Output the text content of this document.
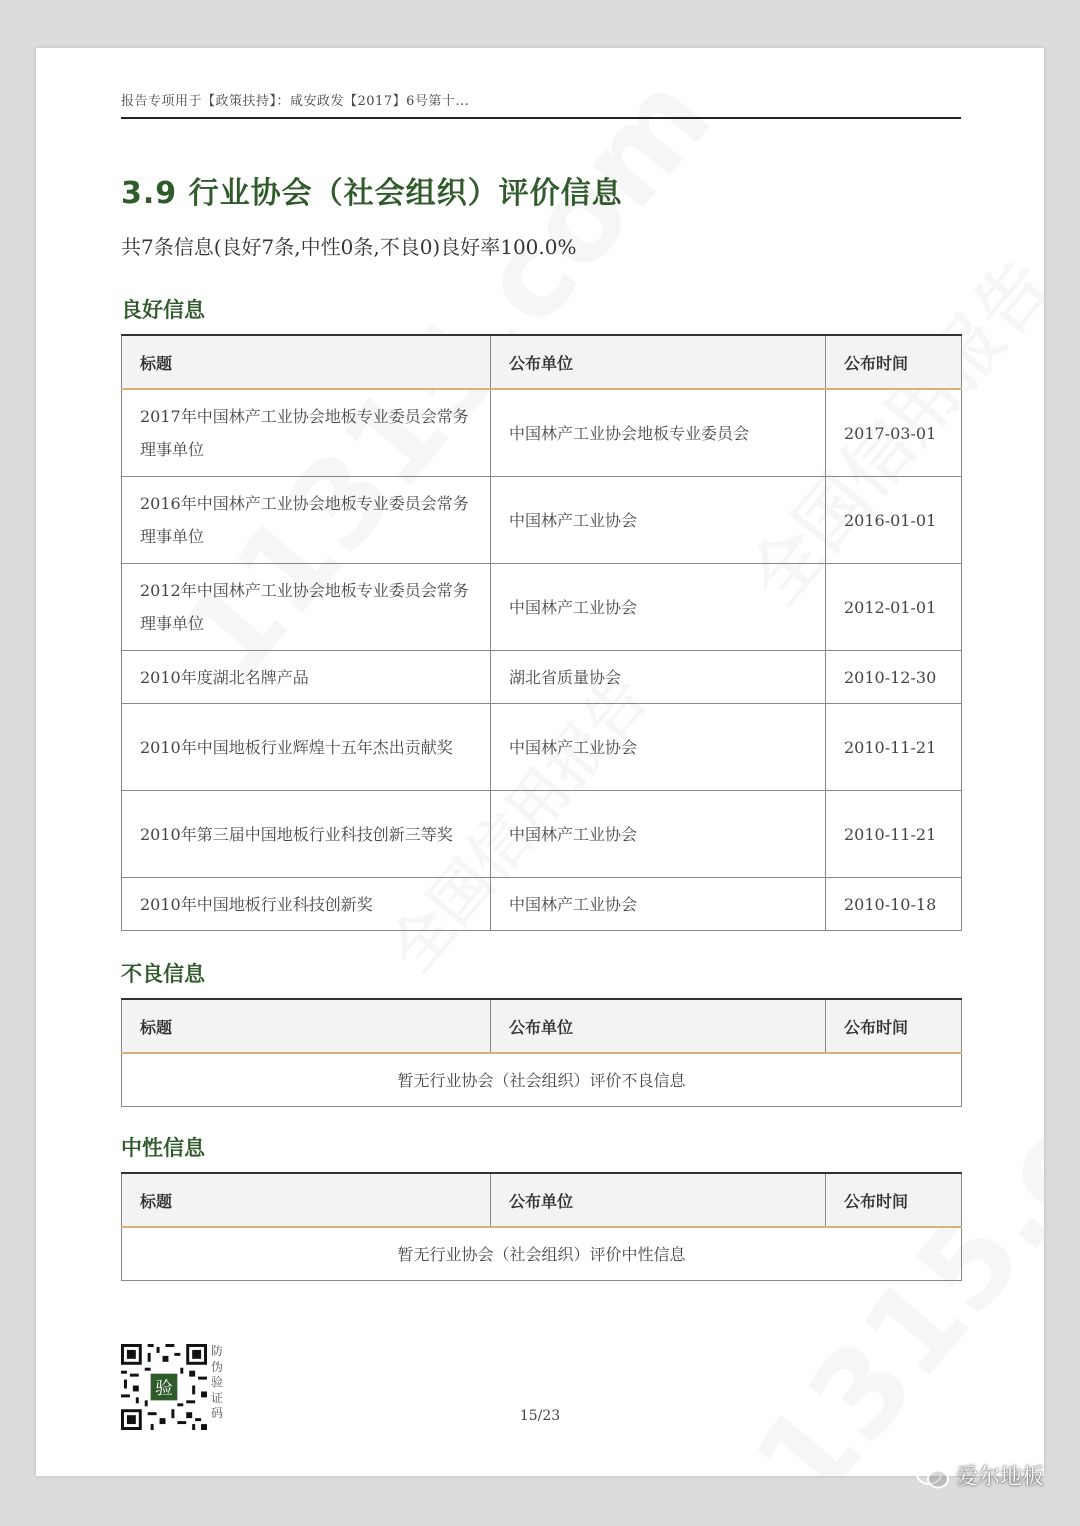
报告专项用于【政策扶持】：咸安政发【2017】6号第十...
3.9 行业协会（社会组织）评价信息

共7条信息(良好7条,中性0条,不良0)良好率100.0%

良好信息
标题	公布单位	公布时间
2017年中国林产工业协会地板专业委员会常务理事单位	中国林产工业协会地板专业委员会	2017-03-01
2016年中国林产工业协会地板专业委员会常务理事单位	中国林产工业协会	2016-01-01
2012年中国林产工业协会地板专业委员会常务理事单位	中国林产工业协会	2012-01-01
2010年度湖北名牌产品	湖北省质量协会	2010-12-30
2010年中国地板行业辉煌十五年杰出贡献奖	中国林产工业协会	2010-11-21
2010年第三届中国地板行业科技创新三等奖	中国林产工业协会	2010-11-21
2010年中国地板行业科技创新奖	中国林产工业协会	2010-10-18
不良信息
标题	公布单位	公布时间
暂无行业协会（社会组织）评价不良信息
中性信息
标题	公布单位	公布时间
暂无行业协会（社会组织）评价中性信息
验
防伪验证码	15/23
爱尔地板
